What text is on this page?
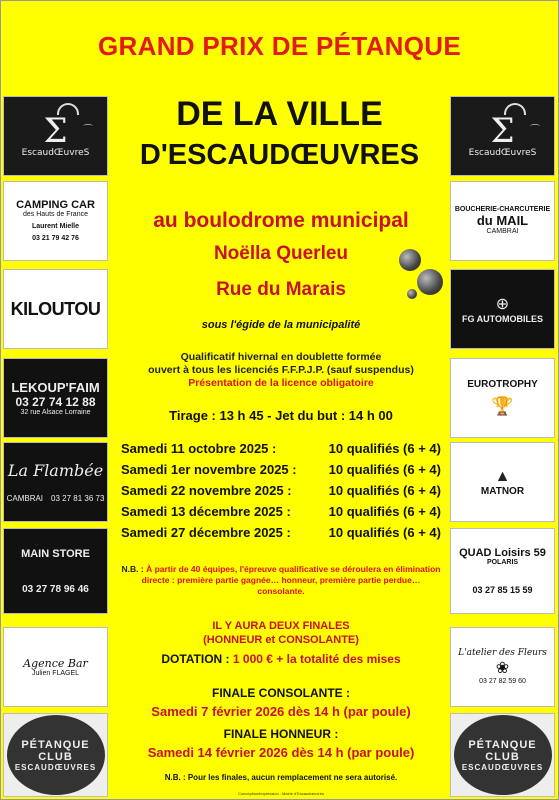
GRAND PRIX DE PÉTANQUE
DE LA VILLE
D'ESCAUDŒUVRES
au boulodrome municipal
Noëlla Querleu
Rue du Marais
sous l'égide de la municipalité
Qualificatif hivernal en doublette formée
ouvert à tous les licenciés F.F.P.J.P. (sauf suspendus)
Présentation de la licence obligatoire
Tirage : 13 h 45 - Jet du but : 14 h 00
Samedi 11 octobre 2025 :	10 qualifiés (6 + 4)
Samedi 1er novembre 2025 :	10 qualifiés (6 + 4)
Samedi 22 novembre 2025 :	10 qualifiés (6 + 4)
Samedi 13 décembre 2025 :	10 qualifiés (6 + 4)
Samedi 27 décembre 2025 :	10 qualifiés (6 + 4)
N.B. : À partir de 40 équipes, l'épreuve qualificative se déroulera en élimination directe : première partie gagnée… honneur, première partie perdue… consolante.
IL Y AURA DEUX FINALES
(HONNEUR et CONSOLANTE)
DOTATION : 1 000 € + la totalité des mises
FINALE CONSOLANTE :
Samedi 7 février 2026 dès 14 h (par poule)
FINALE HONNEUR :
Samedi 14 février 2026 dès 14 h (par poule)
N.B. : Pour les finales, aucun remplacement ne sera autorisé.
Conception/impression : Mairie d'Escaudœuvres
⌒
Σ
EscaudŒuvreS
CAMPING CAR
des Hauts de France
Laurent Mielle
03 21 79 42 76
KILOUTOU
LEKOUP'FAIM
03 27 74 12 88
32 rue Alsace Lorraine
La Flambée
CAMBRAI 03 27 81 36 73
MAIN STORE
03 27 78 96 46
Agence Bar
Julien FLAGEL
PÉTANQUE
CLUB
ESCAUDŒUVRES
⌒
Σ
EscaudŒuvreS
BOUCHERIE-CHARCUTERIE
du MAIL
CAMBRAI
⊕
FG AUTOMOBILES
EUROTROPHY
🏆
▲
MATNOR
QUAD Loisirs 59
POLARIS
03 27 85 15 59
L'atelier des Fleurs
❀
03 27 82 59 60
PÉTANQUE
CLUB
ESCAUDŒUVRES
